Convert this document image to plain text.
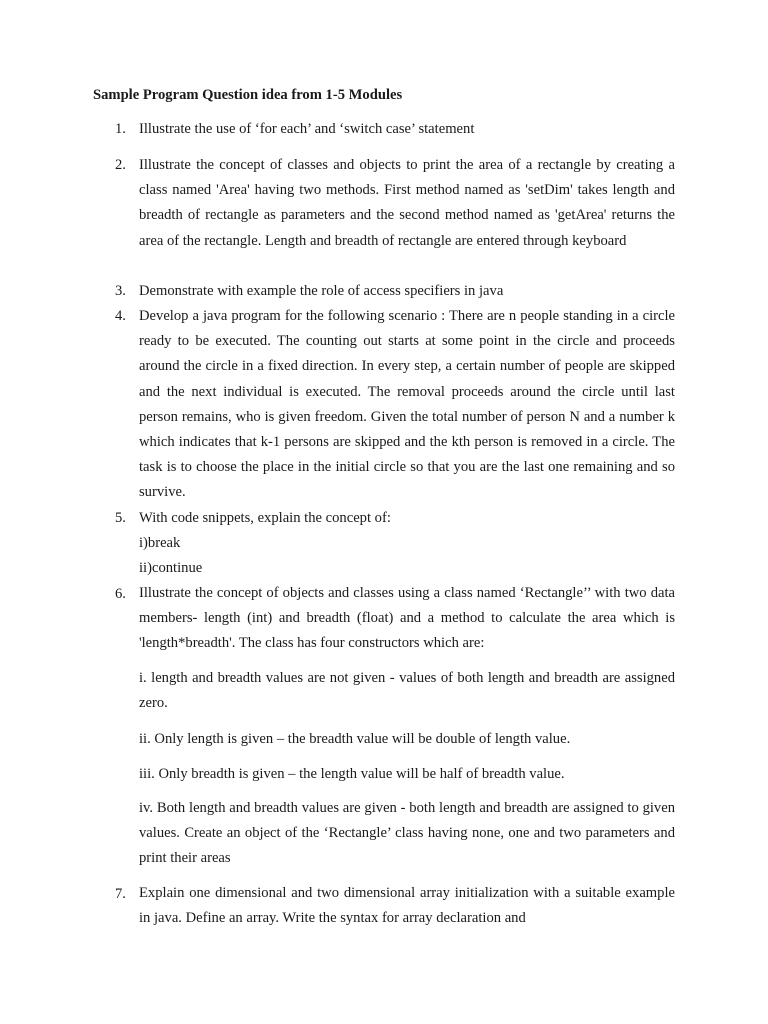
Sample Program Question idea from 1-5 Modules
1. Illustrate the use of ‘for each’ and ‘switch case’ statement
2. Illustrate the concept of classes and objects to print the area of a rectangle by creating a class named 'Area' having two methods. First method named as 'setDim' takes length and breadth of rectangle as parameters and the second method named as 'getArea' returns the area of the rectangle. Length and breadth of rectangle are entered through keyboard
3. Demonstrate with example the role of access specifiers in java
4. Develop a java program for the following scenario : There are n people standing in a circle ready to be executed. The counting out starts at some point in the circle and proceeds around the circle in a fixed direction. In every step, a certain number of people are skipped and the next individual is executed. The removal proceeds around the circle until last person remains, who is given freedom. Given the total number of person N and a number k which indicates that k-1 persons are skipped and the kth person is removed in a circle. The task is to choose the place in the initial circle so that you are the last one remaining and so survive.
5. With code snippets, explain the concept of:
i)break
ii)continue
6. Illustrate the concept of objects and classes using a class named ‘Rectangle’’ with two data members- length (int) and breadth (float) and a method to calculate the area which is 'length*breadth'. The class has four constructors which are:
i. length and breadth values are not given - values of both length and breadth are assigned zero.
ii. Only length is given – the breadth value will be double of length value.
iii. Only breadth is given – the length value will be half of breadth value.
iv. Both length and breadth values are given - both length and breadth are assigned to given values. Create an object of the ‘Rectangle’ class having none, one and two parameters and print their areas
7. Explain one dimensional and two dimensional array initialization with a suitable example in java. Define an array. Write the syntax for array declaration and
